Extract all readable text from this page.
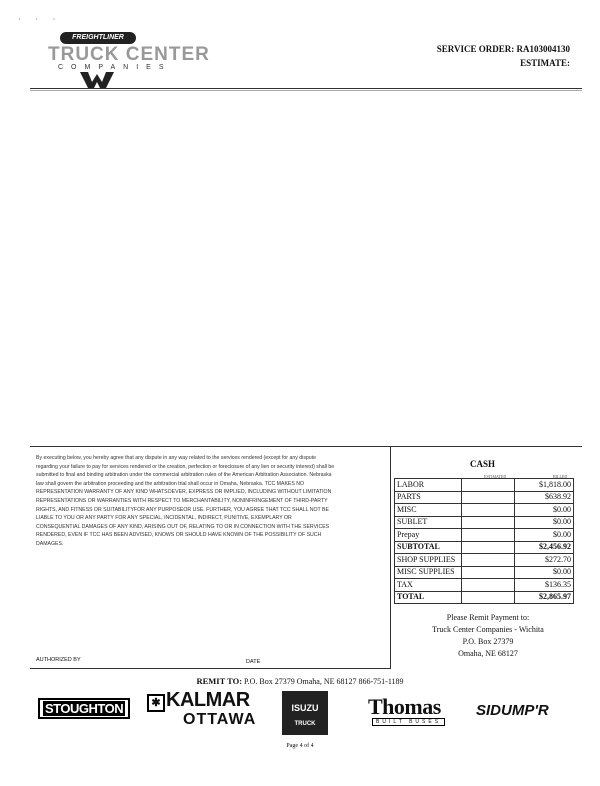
· · ·
FREIGHTLINER
TRUCK CENTER
COMPANIES
SERVICE ORDER: RA103004130
ESTIMATE:
By executing below, you hereby agree that any dispute in any way related to the services rendered (except for any dispute regarding your failure to pay for services rendered or the creation, perfection or foreclosure of any lien or security interest) shall be submitted to final and binding arbitration under the commercial arbitration rules of the American Arbitration Association. Nebraska law shall govern the arbitration proceeding and the arbitration trial shall occur in Omaha, Nebraska. TCC MAKES NO REPRESENTATION WARRANTY OF ANY KIND WHATSOEVER, EXPRESS OR IMPLIED, INCLUDING WITHOUT LIMITATION REPRESENTATIONS OR WARRANTIES WITH RESPECT TO MERCHANTABILITY, NONINFRINGEMENT OF THIRD-PARTY RIGHTS, AND FITNESS OR SUITABILITYFOR ANY PURPOSEOR USE. FURTHER, YOU AGREE THAT TCC SHALL NOT BE LIABLE TO YOU OR ANY PARTY FOR ANY SPECIAL, INCIDENTAL, INDIRECT, PUNITIVE, EXEMPLARY OR CONSEQUENTIAL DAMAGES OF ANY KIND, ARISING OUT OF, RELATING TO OR IN CONNECTION WITH THE SERVICES RENDERED, EVEN IF TCC HAS BEEN ADVISED, KNOWS OR SHOULD HAVE KNOWN OF THE POSSIBILITY OF SUCH DAMAGES.
CASH
ESTIMATED	BILLED
LABOR		$1,818.00
PARTS		$638.92
MISC		$0.00
SUBLET		$0.00
Prepay		$0.00
SUBTOTAL		$2,456.92
SHOP SUPPLIES		$272.70
MISC SUPPLIES		$0.00
TAX		$136.35
TOTAL		$2,865.97
Please Remit Payment to:
Truck Center Companies - Wichita
P.O. Box 27379
Omaha, NE 68127
AUTHORIZED BY	DATE
REMIT TO: P.O. Box 27379 Omaha, NE 68127 866-751-1189
STOUGHTON	✱ KALMAR
OTTAWA
ISUZU
TRUCK
Thomas
BUILT BUSES
SIDUMP'R
Page 4 of 4
